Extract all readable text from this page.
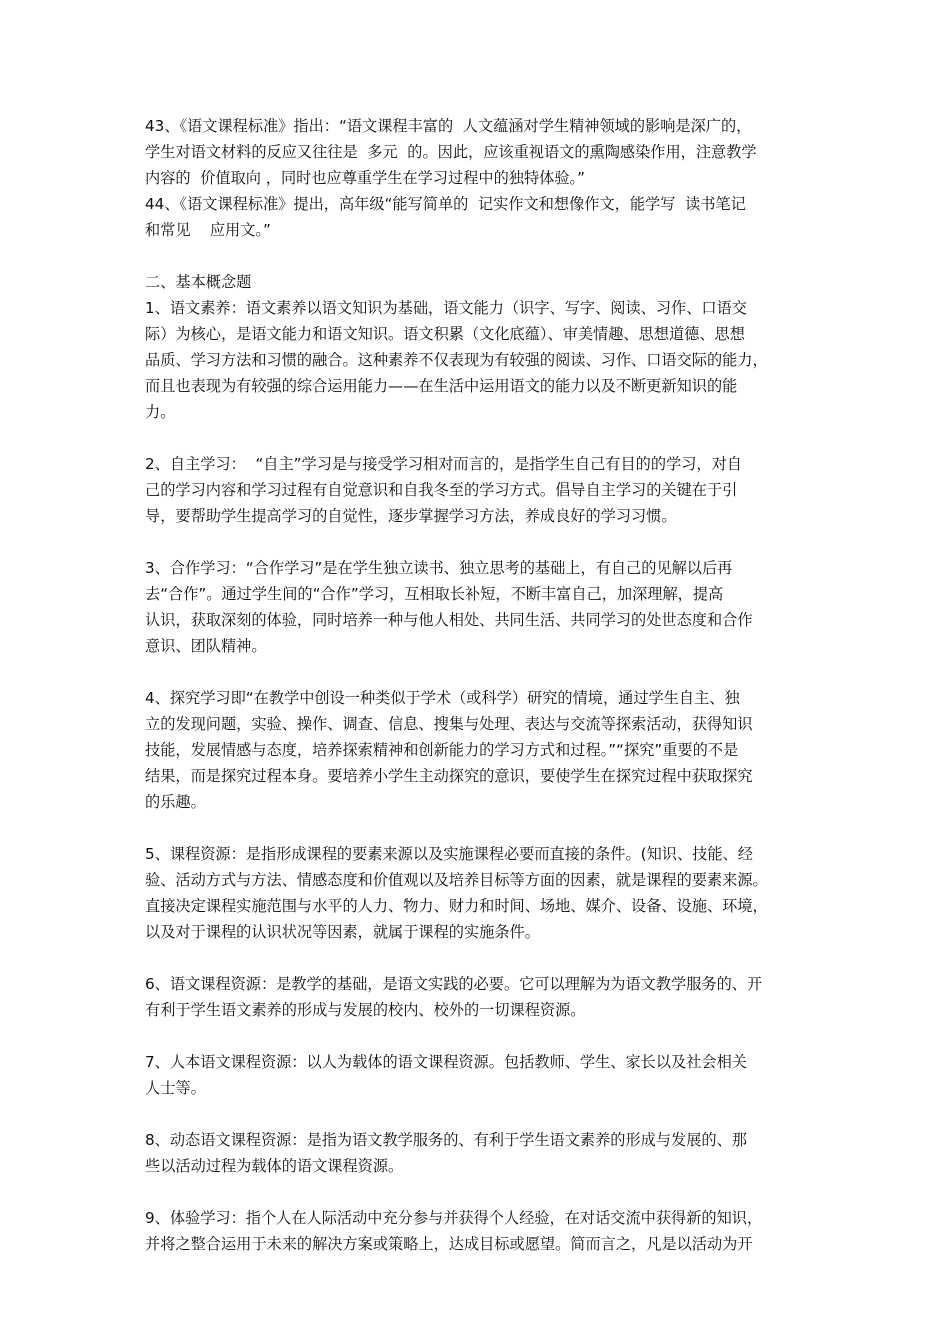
43、《语文课程标准》指出：“语文课程丰富的  人文蕴涵对学生精神领域的影响是深广的，
学生对语文材料的反应又往往是  多元  的。因此，应该重视语文的熏陶感染作用，注意教学
内容的  价值取向 ，同时也应尊重学生在学习过程中的独特体验。”
44、《语文课程标准》提出，高年级“能写简单的  记实作文和想像作文，能学写  读书笔记
和常见    应用文。”
二、基本概念题
1、语文素养：语文素养以语文知识为基础，语文能力（识字、写字、阅读、习作、口语交
际）为核心，是语文能力和语文知识。语文积累（文化底蕴）、审美情趣、思想道德、思想
品质、学习方法和习惯的融合。这种素养不仅表现为有较强的阅读、习作、口语交际的能力，
而且也表现为有较强的综合运用能力——在生活中运用语文的能力以及不断更新知识的能
力。
2、自主学习：  “自主”学习是与接受学习相对而言的，是指学生自己有目的的学习，对自
己的学习内容和学习过程有自觉意识和自我冬至的学习方式。倡导自主学习的关键在于引
导，要帮助学生提高学习的自觉性，逐步掌握学习方法，养成良好的学习习惯。
3、合作学习：“合作学习”是在学生独立读书、独立思考的基础上，有自己的见解以后再
去“合作”。通过学生间的“合作”学习，互相取长补短，不断丰富自己，加深理解，提高
认识，获取深刻的体验，同时培养一种与他人相处、共同生活、共同学习的处世态度和合作
意识、团队精神。
4、探究学习即“在教学中创设一种类似于学术（或科学）研究的情境，通过学生自主、独
立的发现问题，实验、操作、调查、信息、搜集与处理、表达与交流等探索活动，获得知识
技能，发展情感与态度，培养探索精神和创新能力的学习方式和过程。”“探究”重要的不是
结果，而是探究过程本身。要培养小学生主动探究的意识，要使学生在探究过程中获取探究
的乐趣。
5、课程资源：是指形成课程的要素来源以及实施课程必要而直接的条件。(知识、技能、经
验、活动方式与方法、情感态度和价值观以及培养目标等方面的因素，就是课程的要素来源。
直接决定课程实施范围与水平的人力、物力、财力和时间、场地、媒介、设备、设施、环境，
以及对于课程的认识状况等因素，就属于课程的实施条件。
6、语文课程资源：是教学的基础，是语文实践的必要。它可以理解为为语文教学服务的、开
有利于学生语文素养的形成与发展的校内、校外的一切课程资源。
7、人本语文课程资源：以人为载体的语文课程资源。包括教师、学生、家长以及社会相关
人士等。
8、动态语文课程资源：是指为语文教学服务的、有利于学生语文素养的形成与发展的、那
些以活动过程为载体的语文课程资源。
9、体验学习：指个人在人际活动中充分参与并获得个人经验，在对话交流中获得新的知识，
并将之整合运用于未来的解决方案或策略上，达成目标或愿望。简而言之，凡是以活动为开
